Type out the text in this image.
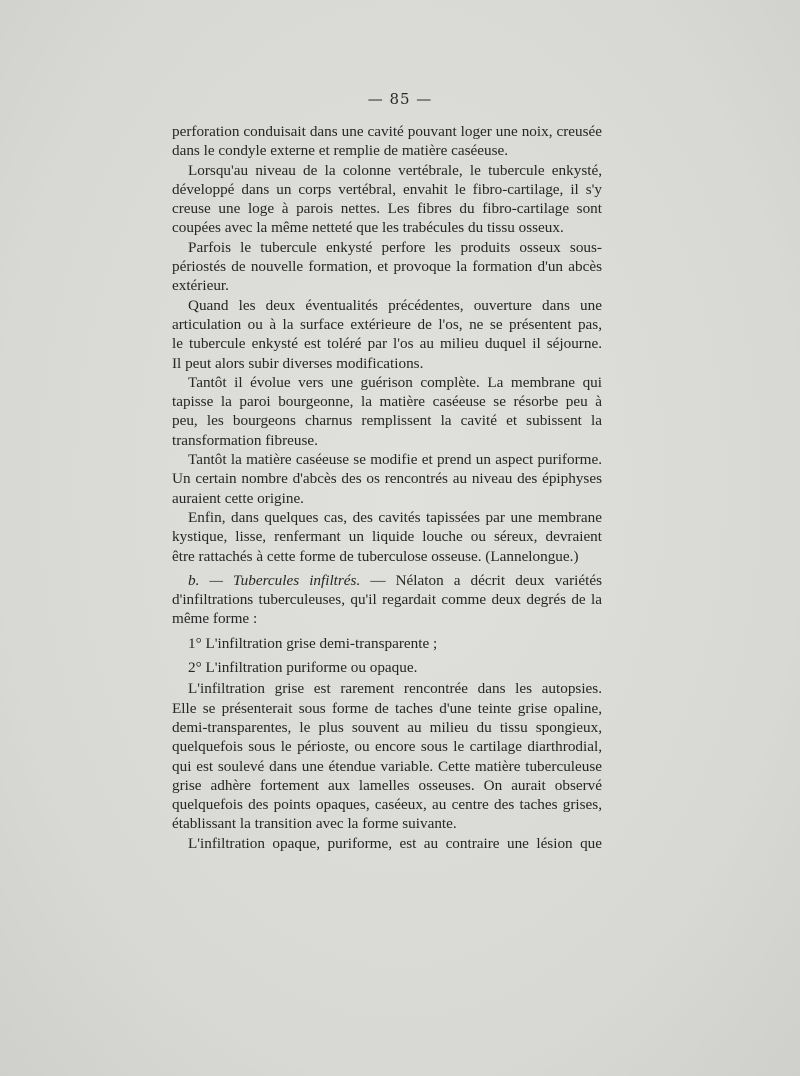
— 85 —
perforation conduisait dans une cavité pouvant loger une noix, creusée
dans le condyle externe et remplie de matière caséeuse.
Lorsqu'au niveau de la colonne vertébrale, le tubercule enkysté,
développé dans un corps vertébral, envahit le fibro-cartilage, il s'y
creuse une loge à parois nettes. Les fibres du fibro-cartilage sont
coupées avec la même netteté que les trabécules du tissu osseux.
Parfois le tubercule enkysté perfore les produits osseux sous-
périostés de nouvelle formation, et provoque la formation d'un abcès
extérieur.
Quand les deux éventualités précédentes, ouverture dans une
articulation ou à la surface extérieure de l'os, ne se présentent pas,
le tubercule enkysté est toléré par l'os au milieu duquel il séjourne.
Il peut alors subir diverses modifications.
Tantôt il évolue vers une guérison complète. La membrane qui
tapisse la paroi bourgeonne, la matière caséeuse se résorbe peu à
peu, les bourgeons charnus remplissent la cavité et subissent la
transformation fibreuse.
Tantôt la matière caséeuse se modifie et prend un aspect puriforme.
Un certain nombre d'abcès des os rencontrés au niveau des épiphyses
auraient cette origine.
Enfin, dans quelques cas, des cavités tapissées par une membrane
kystique, lisse, renfermant un liquide louche ou séreux, devraient
être rattachés à cette forme de tuberculose osseuse. (Lannelongue.)
b. — Tubercules infiltrés. — Nélaton a décrit deux variétés
d'infiltrations tuberculeuses, qu'il regardait comme deux degrés de la
même forme :
1° L'infiltration grise demi-transparente ;
2° L'infiltration puriforme ou opaque.
L'infiltration grise est rarement rencontrée dans les autopsies.
Elle se présenterait sous forme de taches d'une teinte grise opaline,
demi-transparentes, le plus souvent au milieu du tissu spongieux,
quelquefois sous le périoste, ou encore sous le cartilage diarthrodial,
qui est soulevé dans une étendue variable. Cette matière tuberculeuse
grise adhère fortement aux lamelles osseuses. On aurait observé
quelquefois des points opaques, caséeux, au centre des taches grises,
établissant la transition avec la forme suivante.
L'infiltration opaque, puriforme, est au contraire une lésion que
